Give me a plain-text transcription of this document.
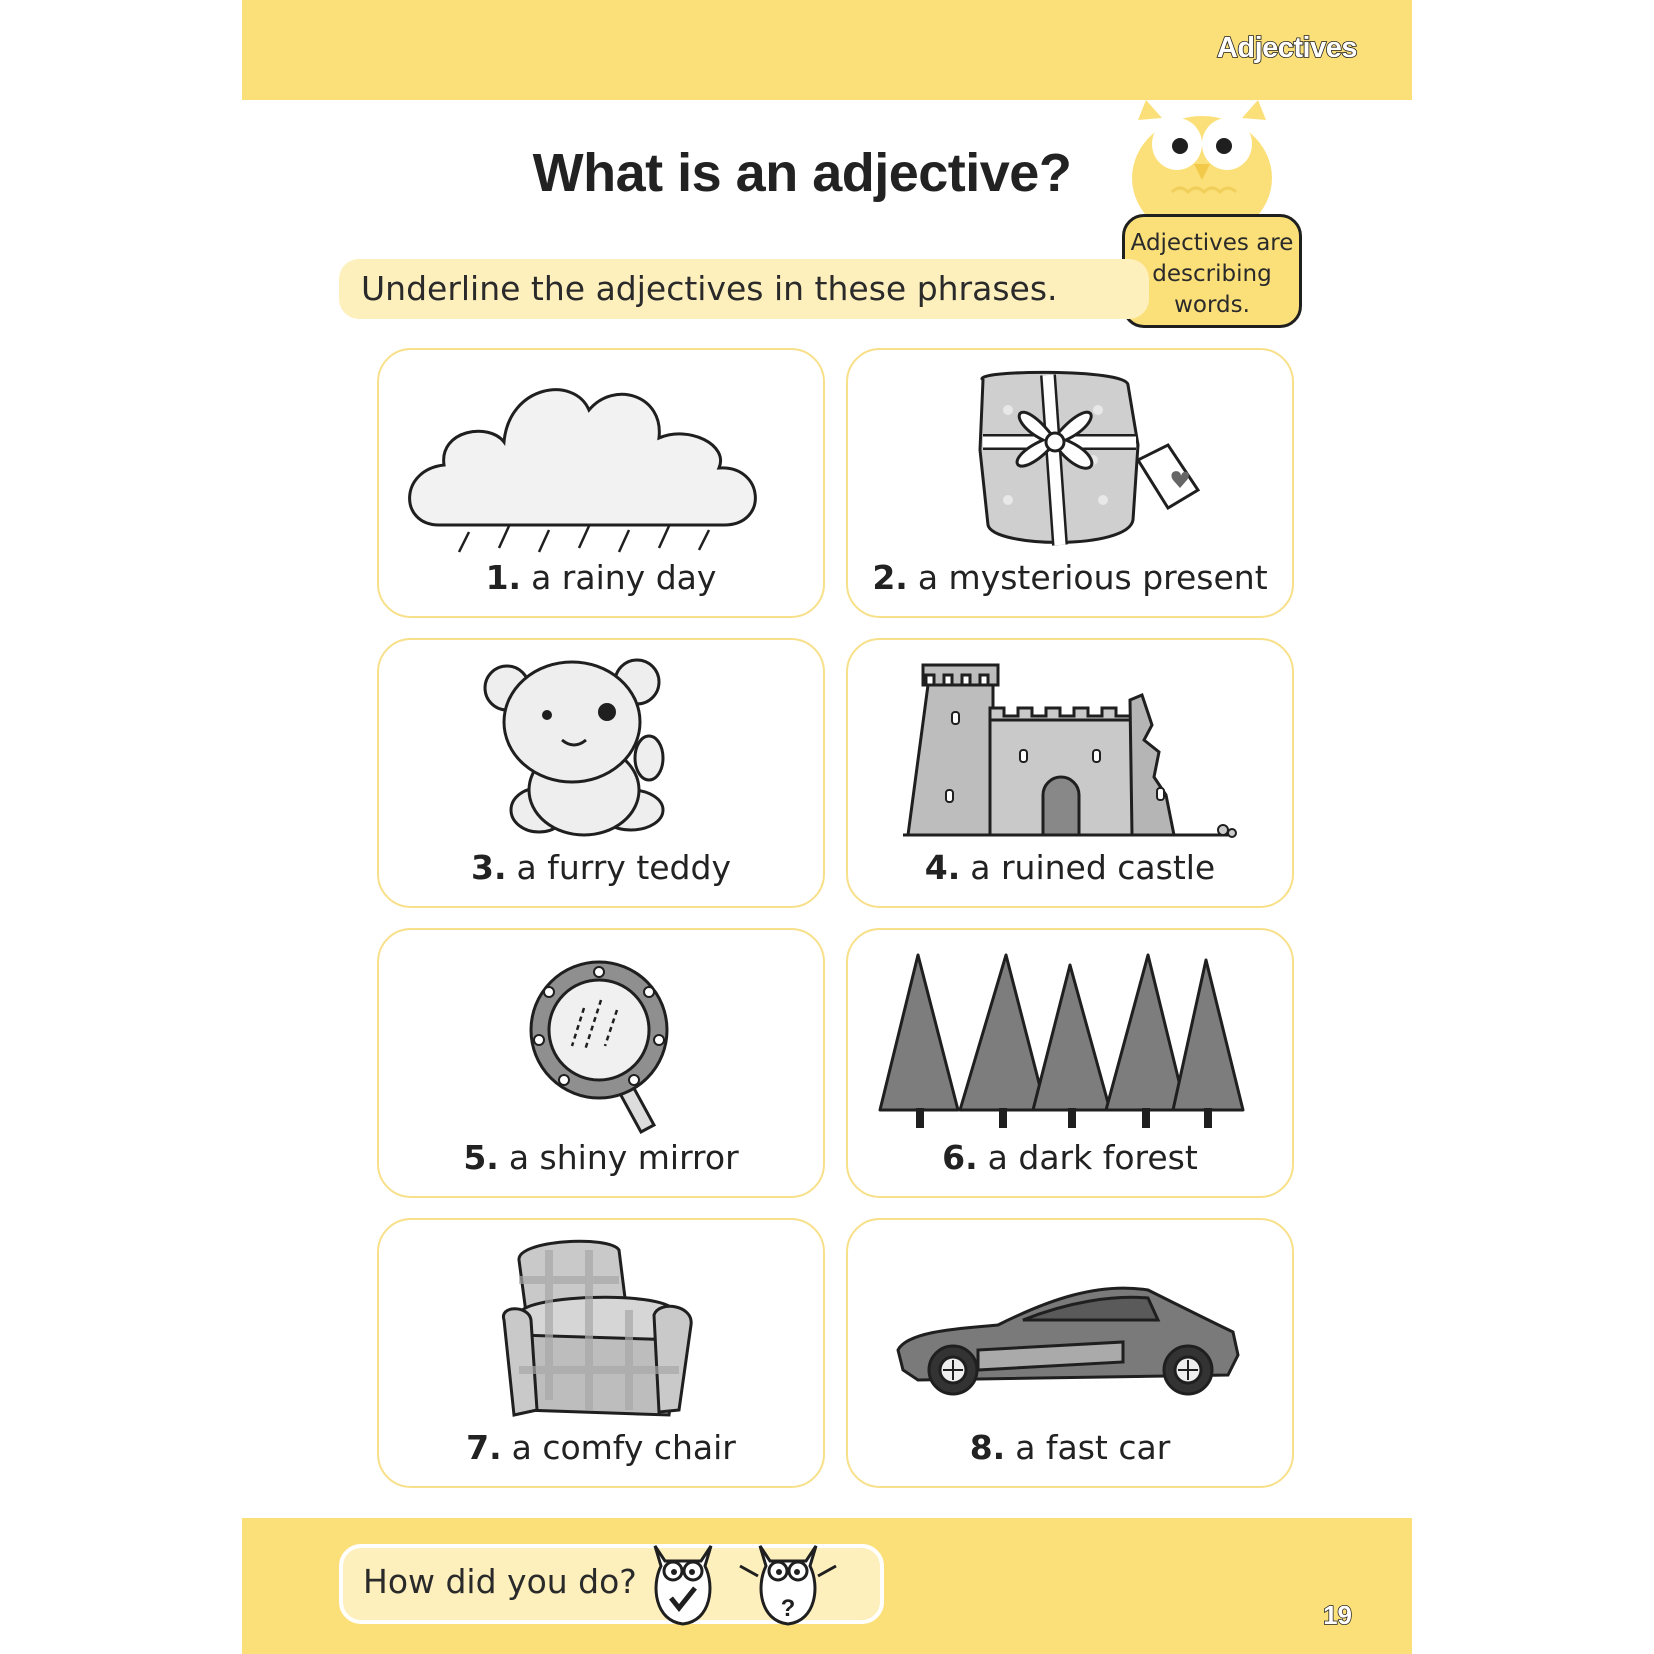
Adjectives
What is an adjective?
Adjectives are
describing
words.
Underline the adjectives in these phrases.
1. a rainy day	2. a mysterious present
3. a furry teddy	4. a ruined castle
5. a shiny mirror	6. a dark forest
7. a comfy chair	8. a fast car
How did you do?
?	19
